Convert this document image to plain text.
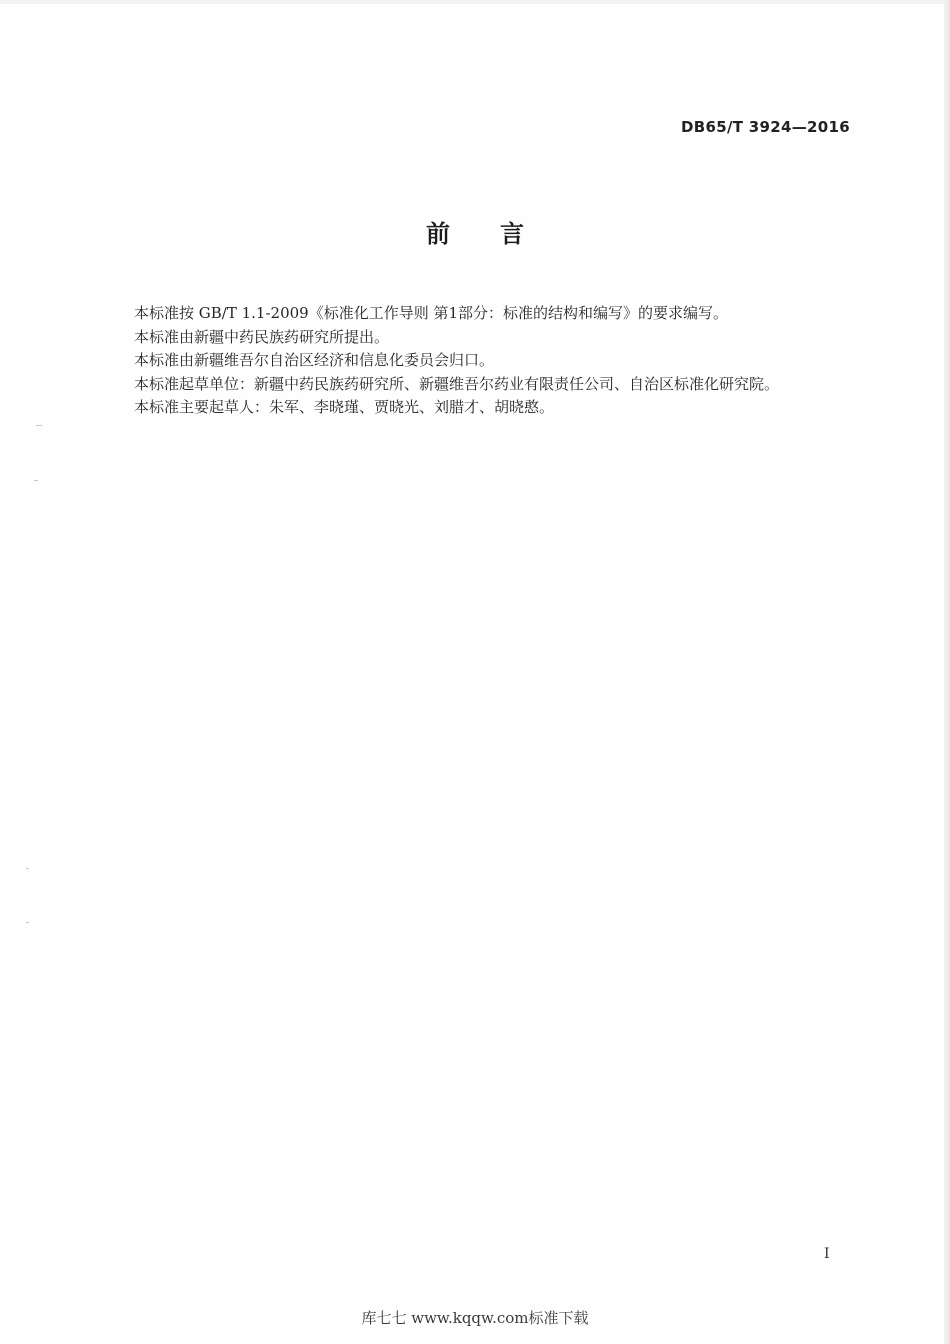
DB65/T 3924—2016
前 言

本标准按 GB/T 1.1-2009《标准化工作导则 第1部分：标准的结构和编写》的要求编写。

本标准由新疆中药民族药研究所提出。

本标准由新疆维吾尔自治区经济和信息化委员会归口。

本标准起草单位：新疆中药民族药研究所、新疆维吾尔药业有限责任公司、自治区标准化研究院。

本标准主要起草人：朱军、李晓瑾、贾晓光、刘腊才、胡晓憨。

I
库七七 www.kqqw.com标准下载
